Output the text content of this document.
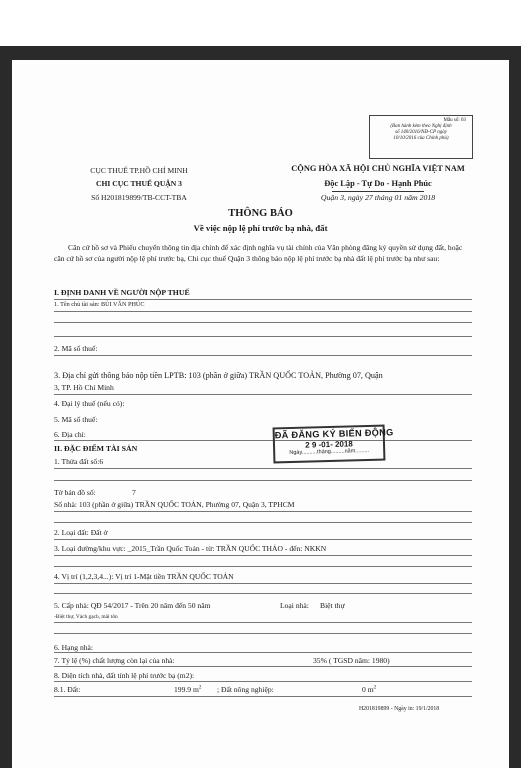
Mẫu số: 03
(Ban hành kèm theo Nghị định
số 140/2016/NĐ-CP ngày
10/10/2016 của Chính phủ)
CỤC THUẾ TP.HỒ CHÍ MINH
CHI CỤC THUẾ QUẬN 3
Số H201819899/TB-CCT-TBA
CỘNG HÒA XÃ HỘI CHỦ NGHĨA VIỆT NAM
Độc Lập - Tự Do - Hạnh Phúc
Quận 3, ngày 27 tháng 01 năm 2018
THÔNG BÁO
Về việc nộp lệ phí trước bạ nhà, đất
Căn cứ hồ sơ và Phiếu chuyển thông tin địa chính để xác định nghĩa vụ tài chính của Văn phòng đăng ký quyền sử dụng đất, hoặc căn cứ hồ sơ của người nộp lệ phí trước bạ, Chi cục thuế Quận 3 thông báo nộp lệ phí trước bạ nhà đất lệ phí trước bạ như sau:
I. ĐỊNH DANH VỀ NGƯỜI NỘP THUẾ
1. Tên chủ tài sản: BÙI VĂN PHÚC
2. Mã số thuế:
3. Địa chỉ gửi thông báo nộp tiền LPTB: 103 (phần ở giữa) TRẦN QUỐC TOẢN, Phường 07, Quận
3, TP. Hồ Chí Minh
4. Đại lý thuế (nếu có):
5. Mã số thuế:
6. Địa chỉ:
II. ĐẶC ĐIỂM TÀI SẢN
1. Thửa đất số:6
ĐÃ ĐĂNG KÝ BIẾN ĐỘNG
2 9 -01- 2018
Ngày..........tháng.........năm.........
Tờ bản đồ số:	7
Số nhà: 103 (phần ở giữa) TRẦN QUỐC TOẢN, Phường 07, Quận 3, TPHCM
2. Loại đất: Đất ở
3. Loại đường/khu vực: _2015_Trần Quốc Toản - từ: TRẦN QUỐC THẢO - đến: NKKN
4. Vị trí (1,2,3,4...): Vị trí 1-Mặt tiền TRẦN QUỐC TOẢN
5. Cấp nhà: QĐ 54/2017 - Trên 20 năm đến 50 năm	Loại nhà: Biệt thự
-Biệt thự, Vách gạch, mái tôn
6. Hạng nhà:
7. Tỷ lệ (%) chất lượng còn lại của nhà:	35% ( TGSD năm: 1980)
8. Diện tích nhà, đất tính lệ phí trước bạ (m2):
8.1. Đất:	199.9 $m^2$ ; Đất nông nghiệp:	0 $m^2$
H201819899 - Ngày in: 19/1/2018
